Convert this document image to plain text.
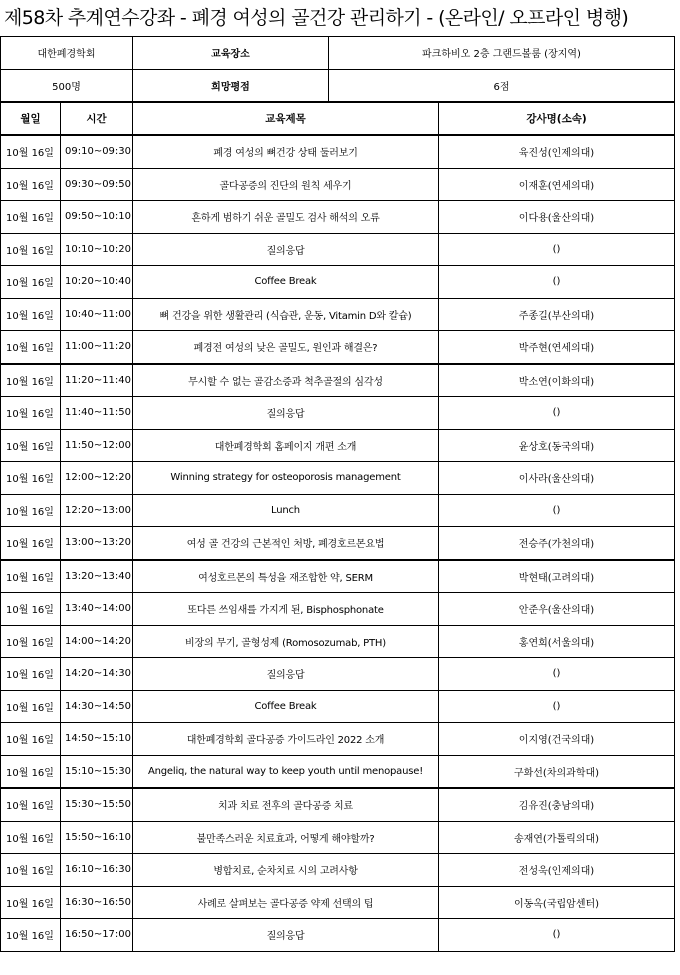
제58차 추계연수강좌 - 폐경 여성의 골건강 관리하기 - (온라인/ 오프라인 병행)
대한폐경학회	교육장소	파크하비오 2층 그랜드볼룸 (장지역)
500명	희망평점	6점
월일	시간	교육제목	강사명(소속)
10월 16일	09:10~09:30	폐경 여성의 뼈건강 상태 둘러보기	육진성(인제의대)
10월 16일	09:30~09:50	골다공증의 진단의 원칙 세우기	이재훈(연세의대)
10월 16일	09:50~10:10	흔하게 범하기 쉬운 골밀도 검사 해석의 오류	이다용(울산의대)
10월 16일	10:10~10:20	질의응답	()
10월 16일	10:20~10:40	Coffee Break	()
10월 16일	10:40~11:00	뼈 건강을 위한 생활관리 (식습관, 운동, Vitamin D와 칼슘)	주종길(부산의대)
10월 16일	11:00~11:20	폐경전 여성의 낮은 골밀도, 원인과 해결은?	박주현(연세의대)
10월 16일	11:20~11:40	무시할 수 없는 골감소증과 척추골절의 심각성	박소연(이화의대)
10월 16일	11:40~11:50	질의응답	()
10월 16일	11:50~12:00	대한폐경학회 홈페이지 개편 소개	윤상호(동국의대)
10월 16일	12:00~12:20	Winning strategy for osteoporosis management	이사라(울산의대)
10월 16일	12:20~13:00	Lunch	()
10월 16일	13:00~13:20	여성 골 건강의 근본적인 처방, 폐경호르몬요법	전승주(가천의대)
10월 16일	13:20~13:40	여성호르몬의 특성을 재조합한 약, SERM	박현태(고려의대)
10월 16일	13:40~14:00	또다른 쓰임새를 가지게 된, Bisphosphonate	안준우(울산의대)
10월 16일	14:00~14:20	비장의 무기, 골형성제 (Romosozumab, PTH)	홍연희(서울의대)
10월 16일	14:20~14:30	질의응답	()
10월 16일	14:30~14:50	Coffee Break	()
10월 16일	14:50~15:10	대한폐경학회 골다공증 가이드라인 2022 소개	이지영(건국의대)
10월 16일	15:10~15:30	Angeliq, the natural way to keep youth until menopause!	구화선(차의과학대)
10월 16일	15:30~15:50	치과 치료 전후의 골다공증 치료	김유진(충남의대)
10월 16일	15:50~16:10	불만족스러운 치료효과, 어떻게 해야할까?	송재연(가톨릭의대)
10월 16일	16:10~16:30	병합치료, 순차치료 시의 고려사항	전성욱(인제의대)
10월 16일	16:30~16:50	사례로 살펴보는 골다공증 약제 선택의 팁	이동옥(국립암센터)
10월 16일	16:50~17:00	질의응답	()
